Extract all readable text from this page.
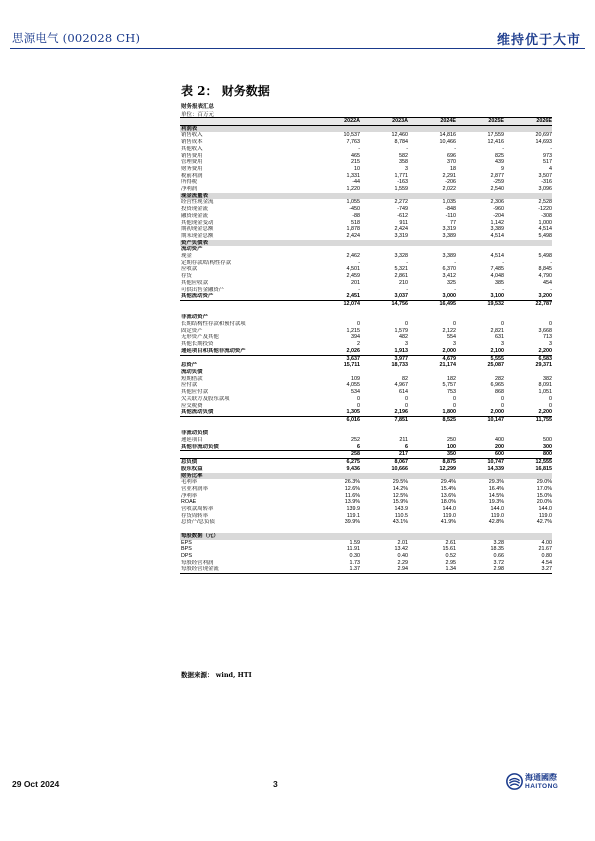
思源电气 (002028 CH)	维持优于大市
表 2： 财务数据
财务报表汇总
单位：百万元
	2022A	2023A	2024E	2025E	2026E
利润表					
销售收入	10,537	12,460	14,816	17,559	20,697
销售成本	7,763	8,784	10,466	12,416	14,693
其他收入	-	-	-	-	-
销售费用	465	582	696	825	973
管理费用	215	358	370	439	517
财务费用	10	3	18	9	4
税前利润	1,331	1,771	2,291	2,877	3,507
所得税	-44	-163	-206	-259	-316
净利润	1,220	1,559	2,022	2,540	3,096
现金流量表					
经营性现金流	1,055	2,272	1,035	2,306	2,528
投资现金流	-450	-749	-848	-960	-1220
融资现金流	-88	-612	-110	-204	-308
其他现金变动	518	911	77	1,142	1,000
期初现金总额	1,878	2,424	3,319	3,389	4,514
期末现金总额	2,424	3,319	3,389	4,514	5,498
资产负债表					
流动资产					
现金	2,462	3,328	3,389	4,514	5,498
定期存款/结构性存款	-	-	-	-	-
应收款	4,501	5,321	6,370	7,485	8,845
存货	2,459	2,861	3,412	4,048	4,790
其他应收款	201	210	325	385	454
可供出售金融资产	-	-	-	-	-
其他流动资产	2,451	3,037	3,000	3,100	3,200
	12,074	14,756	16,495	19,532	22,787

非流动资产					
长期结构性存款和预付款项	0	0	0	0	0
固定资产	1,215	1,579	2,122	2,821	3,668
无形资产及其他	394	482	554	631	713
其他长期投资	2	3	3	3	3
递延项目和其他非流动资产	2,026	1,913	2,000	2,100	2,200
	3,637	3,977	4,679	5,555	6,583
总资产	15,711	18,733	21,174	25,087	29,371
流动负债					
短期借款	109	82	182	282	382
应付款	4,055	4,967	5,757	6,965	8,091
其他应付款	534	614	753	868	1,051
欠关联方及股东款项	0	0	0	0	0
应交税费	0	0	0	0	0
其他流动负债	1,305	2,196	1,800	2,000	2,200
	6,016	7,851	8,525	10,147	11,755

非流动负债					
递延项目	252	211	250	400	500
其他非流动负债	6	6	100	200	300
	258	217	350	600	800
总负债	6,275	8,067	8,875	10,747	12,555
股东权益	9,436	10,666	12,299	14,339	16,815
财务比率					
毛利率	26.3%	29.5%	29.4%	29.3%	29.0%
营业利润率	12.6%	14.2%	15.4%	16.4%	17.0%
净利率	11.6%	12.5%	13.6%	14.5%	15.0%
ROAE	13.9%	15.9%	18.0%	19.3%	20.0%
营收款周转率	139.9	143.9	144.0	144.0	144.0
存货周转率	119.1	110.5	119.0	119.0	119.0
总资产/总负债	39.9%	43.1%	41.9%	42.8%	42.7%

每股数据（元）					
EPS	1.59	2.01	2.61	3.28	4.00
BPS	11.91	13.42	15.61	18.35	21.67
DPS	0.30	0.40	0.52	0.66	0.80
每股经营利润	1.73	2.29	2.95	3.72	4.54
每股经营现金流	1.37	2.94	1.34	2.98	3.27
数据来源： wind, HTI
29 Oct 2024	3
海通國際
HAITONG
